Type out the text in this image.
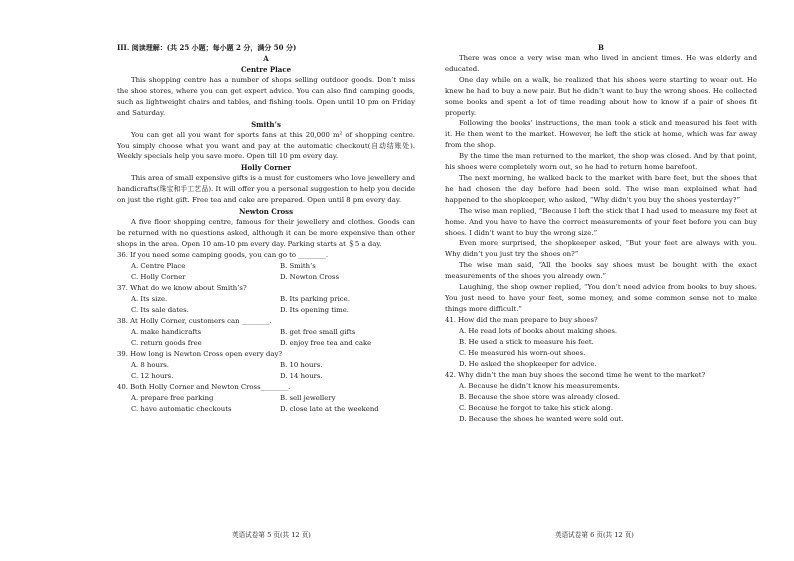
III. 阅读理解：(共 25 小题；每小题 2 分，满分 50 分)

A

Centre Place

This shopping centre has a number of shops selling outdoor goods. Don’t miss the shoe stores, where you can get expert advice. You can also find camping goods, such as lightweight chairs and tables, and fishing tools. Open until 10 pm on Friday and Saturday.

Smith’s

You can get all you want for sports fans at this 20,000 m² of shopping centre. You simply choose what you want and pay at the automatic checkout(自动结账处). Weekly specials help you save more. Open till 10 pm every day.

Holly Corner

This area of small expensive gifts is a must for customers who love jewellery and handicrafts(珠宝和手工艺品). It will offer you a personal suggestion to help you decide on just the right gift. Free tea and cake are prepared. Open until 8 pm every day.

Newton Cross

A five floor shopping centre, famous for their jewellery and clothes. Goods can be returned with no questions asked, although it can be more expensive than other shops in the area. Open 10 am-10 pm every day. Parking starts at ＄5 a day.

36. If you need some camping goods, you can go to ________.

A. Centre Place	B. Smith’s
C. Holly Corner	D. Newton Cross

37. What do we know about Smith’s?

A. Its size.	B. Its parking price.
C. Its sale dates.	D. Its opening time.

38. At Holly Corner, customers can ________.

A. make handicrafts	B. get free small gifts
C. return goods free	D. enjoy free tea and cake

39. How long is Newton Cross open every day?

A. 8 hours.	B. 10 hours.
C. 12 hours.	D. 14 hours.

40. Both Holly Corner and Newton Cross________.

A. prepare free parking	B. sell jewellery
C. have automatic checkouts	D. close late at the weekend

B

There was once a very wise man who lived in ancient times. He was elderly and educated.

One day while on a walk, he realized that his shoes were starting to wear out. He knew he had to buy a new pair. But he didn’t want to buy the wrong shoes. He collected some books and spent a lot of time reading about how to know if a pair of shoes fit properly.

Following the books’ instructions, the man took a stick and measured his feet with it. He then went to the market. However, he left the stick at home, which was far away from the shop.

By the time the man returned to the market, the shop was closed. And by that point, his shoes were completely worn out, so he had to return home barefoot.

The next morning, he walked back to the market with bare feet, but the shoes that he had chosen the day before had been sold. The wise man explained what had happened to the shopkeeper, who asked, “Why didn’t you buy the shoes yesterday?”

The wise man replied, “Because I left the stick that I had used to measure my feet at home. And you have to have the correct measurements of your feet before you can buy shoes. I didn’t want to buy the wrong size.”

Even more surprised, the shopkeeper asked, “But your feet are always with you. Why didn’t you just try the shoes on?”

The wise man said, “All the books say shoes must be bought with the exact measurements of the shoes you already own.”

Laughing, the shop owner replied, “You don’t need advice from books to buy shoes. You just need to have your feet, some money, and some common sense not to make things more difficult.”

41. How did the man prepare to buy shoes?

A. He read lots of books about making shoes.
B. He used a stick to measure his feet.
C. He measured his worn-out shoes.
D. He asked the shopkeeper for advice.

42. Why didn’t the man buy shoes the second time he went to the market?

A. Because he didn’t know his measurements.
B. Because the shoe store was already closed.
C. Because he forgot to take his stick along.
D. Because the shoes he wanted were sold out.
英语试卷第 5 页(共 12 页)	英语试卷第 6 页(共 12 页)
